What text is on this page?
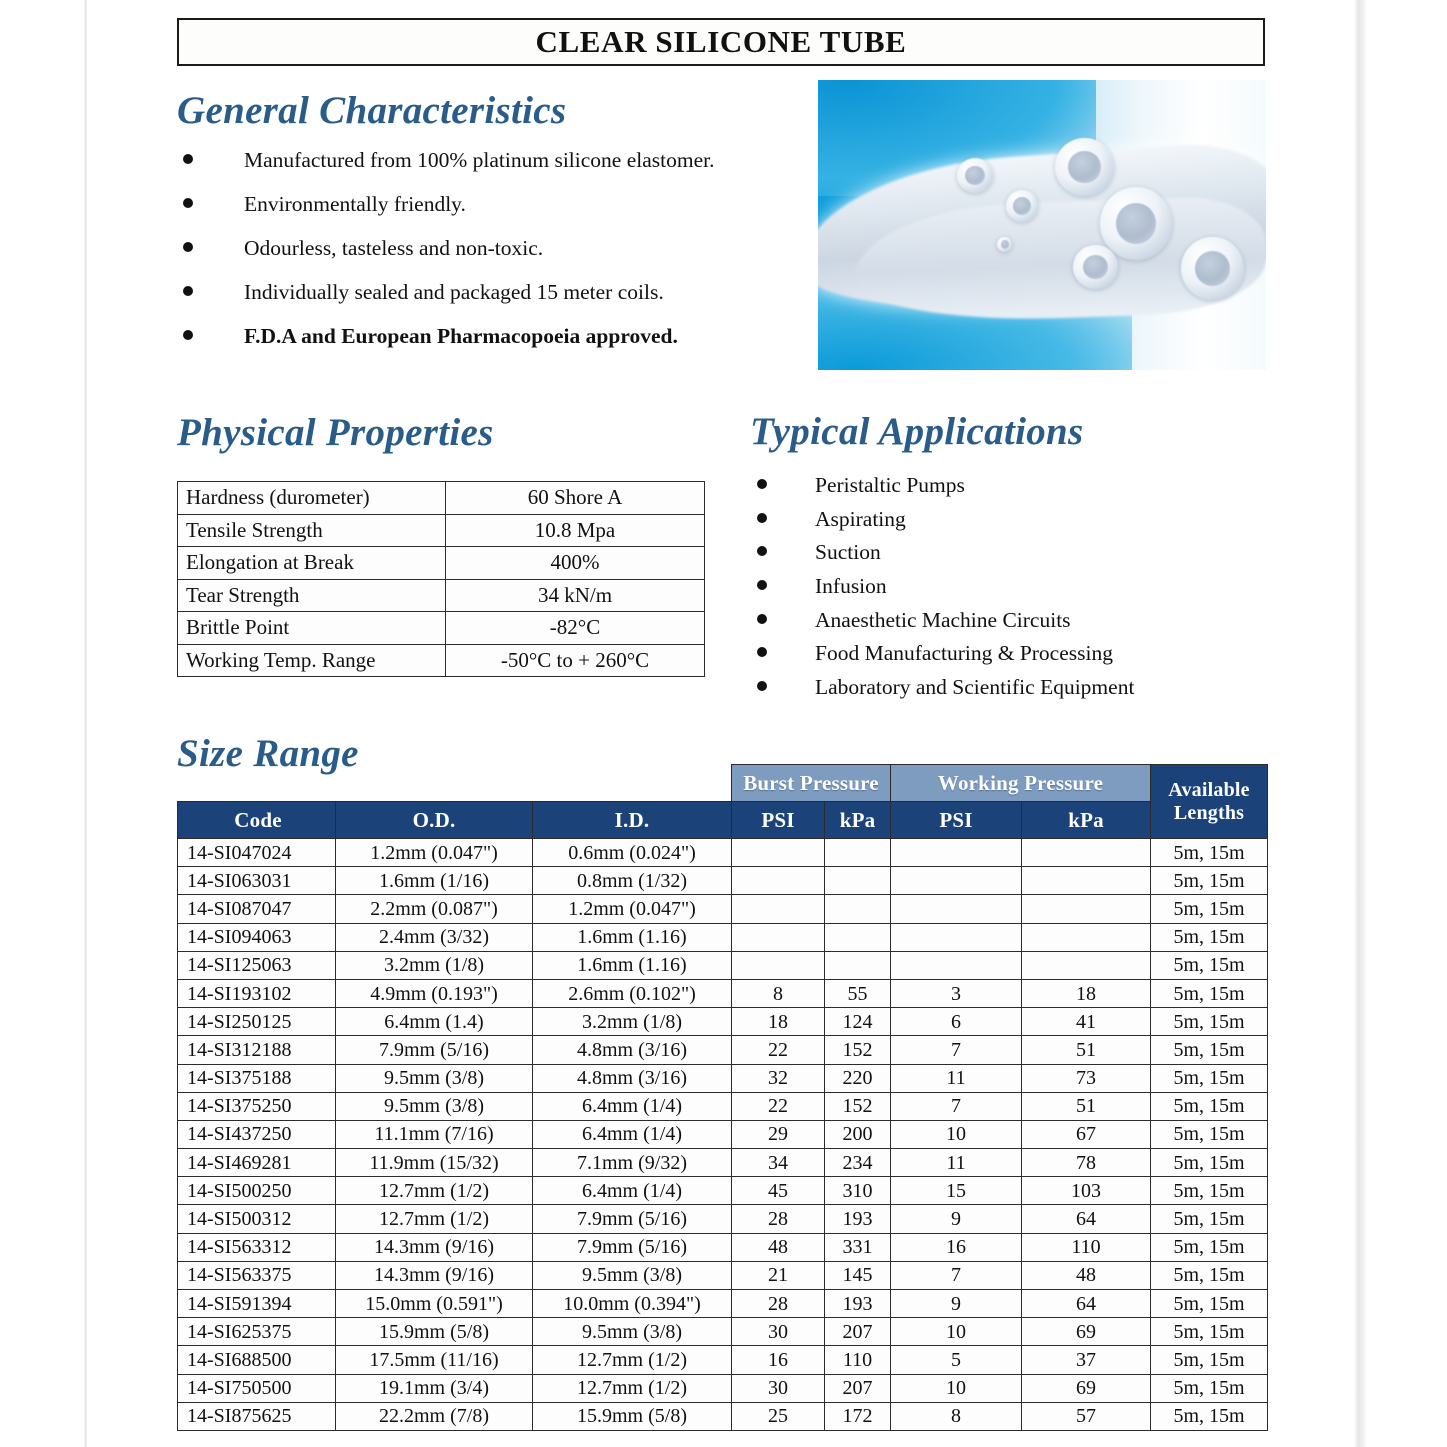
CLEAR SILICONE TUBE
General Characteristics
Manufactured from 100% platinum silicone elastomer.
Environmentally friendly.
Odourless, tasteless and non-toxic.
Individually sealed and packaged 15 meter coils.
F.D.A and European Pharmacopoeia approved.
Physical Properties
Hardness (durometer)	60 Shore A
Tensile Strength	10.8 Mpa
Elongation at Break	400%
Tear Strength	34 kN/m
Brittle Point	-82°C
Working Temp. Range	-50°C to + 260°C
Typical Applications
Peristaltic Pumps
Aspirating
Suction
Infusion
Anaesthetic Machine Circuits
Food Manufacturing & Processing
Laboratory and Scientific Equipment
Size Range
			Burst Pressure		Working Pressure		Available
Lengths

Code	O.D.	I.D.	PSI	kPa	PSI	kPa	
14-SI047024	1.2mm (0.047")	0.6mm (0.024")					5m, 15m
14-SI063031	1.6mm (1/16)	0.8mm (1/32)					5m, 15m
14-SI087047	2.2mm (0.087")	1.2mm (0.047")					5m, 15m
14-SI094063	2.4mm (3/32)	1.6mm (1.16)					5m, 15m
14-SI125063	3.2mm (1/8)	1.6mm (1.16)					5m, 15m
14-SI193102	4.9mm (0.193")	2.6mm (0.102")	8	55	3	18	5m, 15m
14-SI250125	6.4mm (1.4)	3.2mm (1/8)	18	124	6	41	5m, 15m
14-SI312188	7.9mm (5/16)	4.8mm (3/16)	22	152	7	51	5m, 15m
14-SI375188	9.5mm (3/8)	4.8mm (3/16)	32	220	11	73	5m, 15m
14-SI375250	9.5mm (3/8)	6.4mm (1/4)	22	152	7	51	5m, 15m
14-SI437250	11.1mm (7/16)	6.4mm (1/4)	29	200	10	67	5m, 15m
14-SI469281	11.9mm (15/32)	7.1mm (9/32)	34	234	11	78	5m, 15m
14-SI500250	12.7mm (1/2)	6.4mm (1/4)	45	310	15	103	5m, 15m
14-SI500312	12.7mm (1/2)	7.9mm (5/16)	28	193	9	64	5m, 15m
14-SI563312	14.3mm (9/16)	7.9mm (5/16)	48	331	16	110	5m, 15m
14-SI563375	14.3mm (9/16)	9.5mm (3/8)	21	145	7	48	5m, 15m
14-SI591394	15.0mm (0.591")	10.0mm (0.394")	28	193	9	64	5m, 15m
14-SI625375	15.9mm (5/8)	9.5mm (3/8)	30	207	10	69	5m, 15m
14-SI688500	17.5mm (11/16)	12.7mm (1/2)	16	110	5	37	5m, 15m
14-SI750500	19.1mm (3/4)	12.7mm (1/2)	30	207	10	69	5m, 15m
14-SI875625	22.2mm (7/8)	15.9mm (5/8)	25	172	8	57	5m, 15m
